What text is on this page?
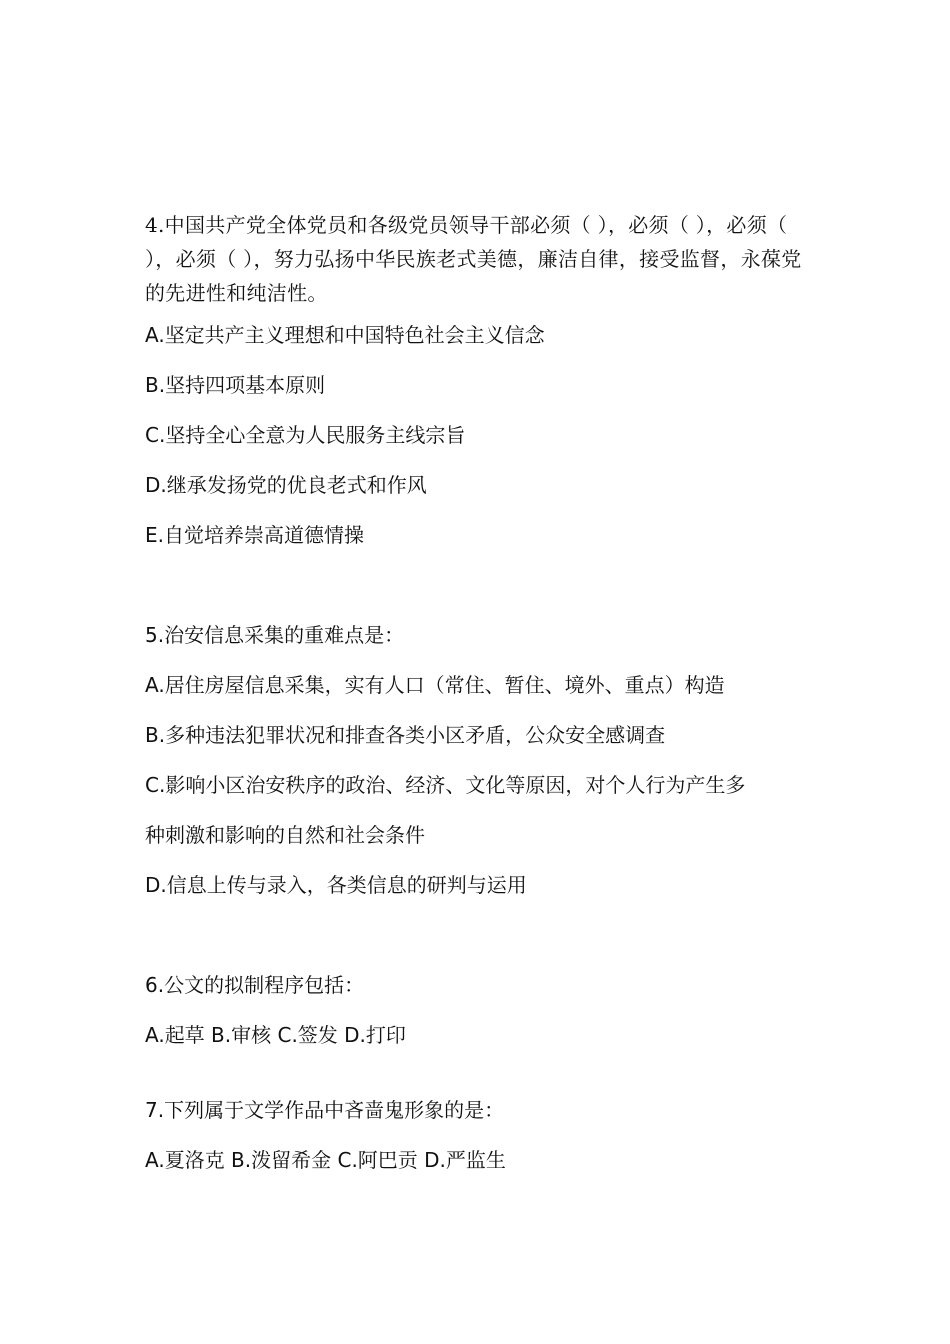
4.中国共产党全体党员和各级党员领导干部必须（ ），必须（ ），必须（ ），必须（ ），努力弘扬中华民族老式美德，廉洁自律，接受监督，永葆党的先进性和纯洁性。

A.坚定共产主义理想和中国特色社会主义信念
B.坚持四项基本原则
C.坚持全心全意为人民服务主线宗旨
D.继承发扬党的优良老式和作风
E.自觉培养崇高道德情操
5.治安信息采集的重难点是：
A.居住房屋信息采集，实有人口（常住、暂住、境外、重点）构造
B.多种违法犯罪状况和排查各类小区矛盾，公众安全感调查
C.影响小区治安秩序的政治、经济、文化等原因，对个人行为产生多
种刺激和影响的自然和社会条件
D.信息上传与录入，各类信息的研判与运用
6.公文的拟制程序包括：
A.起草 B.审核 C.签发 D.打印
7.下列属于文学作品中吝啬鬼形象的是：
A.夏洛克 B.泼留希金 C.阿巴贡 D.严监生
